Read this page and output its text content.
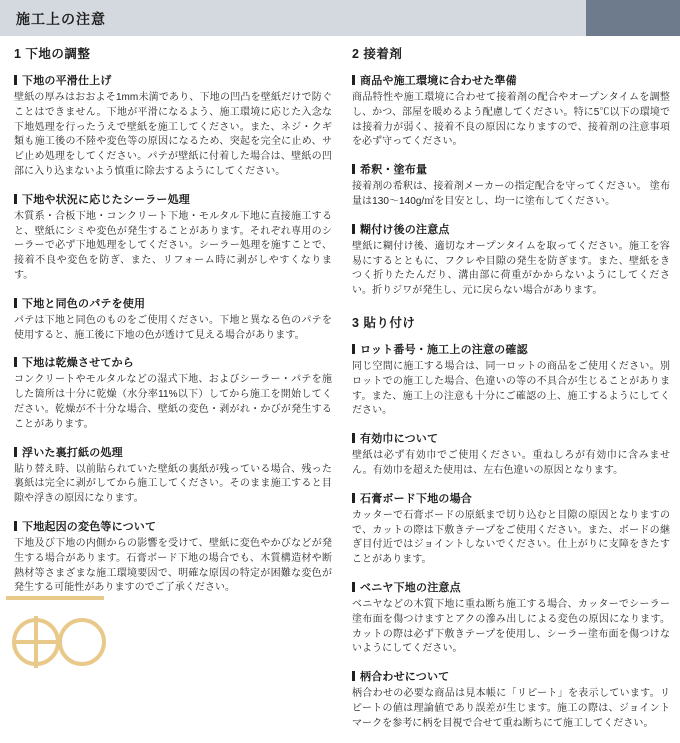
施工上の注意
1 下地の調整
下地の平滑仕上げ

壁紙の厚みはおおよそ1mm未満であり、下地の凹凸を壁紙だけで防ぐことはできません。下地が平滑になるよう、施工環境に応じた入念な下地処理を行ったうえで壁紙を施工してください。また、ネジ・クギ類も施工後の不陸や変色等の原因になるため、突起を完全に止め、サビ止め処理をしてください。パテが壁紙に付着した場合は、壁紙の凹部に入り込まないよう慎重に除去するようにしてください。

下地や状況に応じたシーラー処理

木質系・合板下地・コンクリート下地・モルタル下地に直接施工すると、壁紙にシミや変色が発生することがあります。それぞれ専用のシーラーで必ず下地処理をしてください。シーラー処理を施すことで、接着不良や変色を防ぎ、また、リフォーム時に剥がしやすくなります。

下地と同色のパテを使用

パテは下地と同色のものをご使用ください。下地と異なる色のパテを使用すると、施工後に下地の色が透けて見える場合があります。

下地は乾燥させてから

コンクリートやモルタルなどの湿式下地、およびシーラー・パテを施した箇所は十分に乾燥（水分率11%以下）してから施工を開始してください。乾燥が不十分な場合、壁紙の変色・剥がれ・かびが発生することがあります。

浮いた裏打紙の処理

貼り替え時、以前貼られていた壁紙の裏紙が残っている場合、残った裏紙は完全に剥がしてから施工してください。そのまま施工すると目隙や浮きの原因になります。

下地起因の変色等について

下地及び下地の内側からの影響を受けて、壁紙に変色やかびなどが発生する場合があります。石膏ボード下地の場合でも、木質構造材や断熱材等さまざまな施工環境要因で、明確な原因の特定が困難な変色が発生する可能性がありますのでご了承ください。

2 接着剤
商品や施工環境に合わせた準備

商品特性や施工環境に合わせて接着剤の配合やオープンタイムを調整し、かつ、部屋を暖めるよう配慮してください。特に5℃以下の環境では接着力が弱く、接着不良の原因になりますので、接着剤の注意事項を必ず守ってください。

希釈・塗布量

接着剤の希釈は、接着剤メーカーの指定配合を守ってください。 塗布量は130〜140g/㎡を目安とし、均一に塗布してください。

糊付け後の注意点

壁紙に糊付け後、適切なオープンタイムを取ってください。施工を容易にするとともに、フクレや目隙の発生を防ぎます。また、壁紙をきつく折りたたんだり、溝由部に荷重がかからないようにしてください。折りジワが発生し、元に戻らない場合があります。

3 貼り付け
ロット番号・施工上の注意の確認

同じ空間に施工する場合は、同一ロットの商品をご使用ください。別ロットでの施工した場合、色違いの等の不具合が生じることがあります。また、施工上の注意も十分にご確認の上、施工するようにしてください。

有効巾について

壁紙は必ず有効巾でご使用ください。重ねしろが有効巾に含みません。有効巾を超えた使用は、左右色違いの原因となります。

石膏ボード下地の場合

カッターで石膏ボードの原紙まで切り込むと目隙の原因となりますので、カットの際は下敷きテープをご使用ください。また、ボードの継ぎ目付近ではジョイントしないでください。仕上がりに支障をきたすことがあります。

ベニヤ下地の注意点

ベニヤなどの木質下地に重ね断ち施工する場合、カッターでシーラー塗布面を傷つけますとアクの滲み出しによる変色の原因になります。カットの際は必ず下敷きテープを使用し、シーラー塗布面を傷つけないようにしてください。

柄合わせについて

柄合わせの必要な商品は見本帳に「リピート」を表示しています。リピートの値は理論値であり誤差が生じます。施工の際は、ジョイントマークを参考に柄を目視で合せて重ね断ちにて施工してください。
